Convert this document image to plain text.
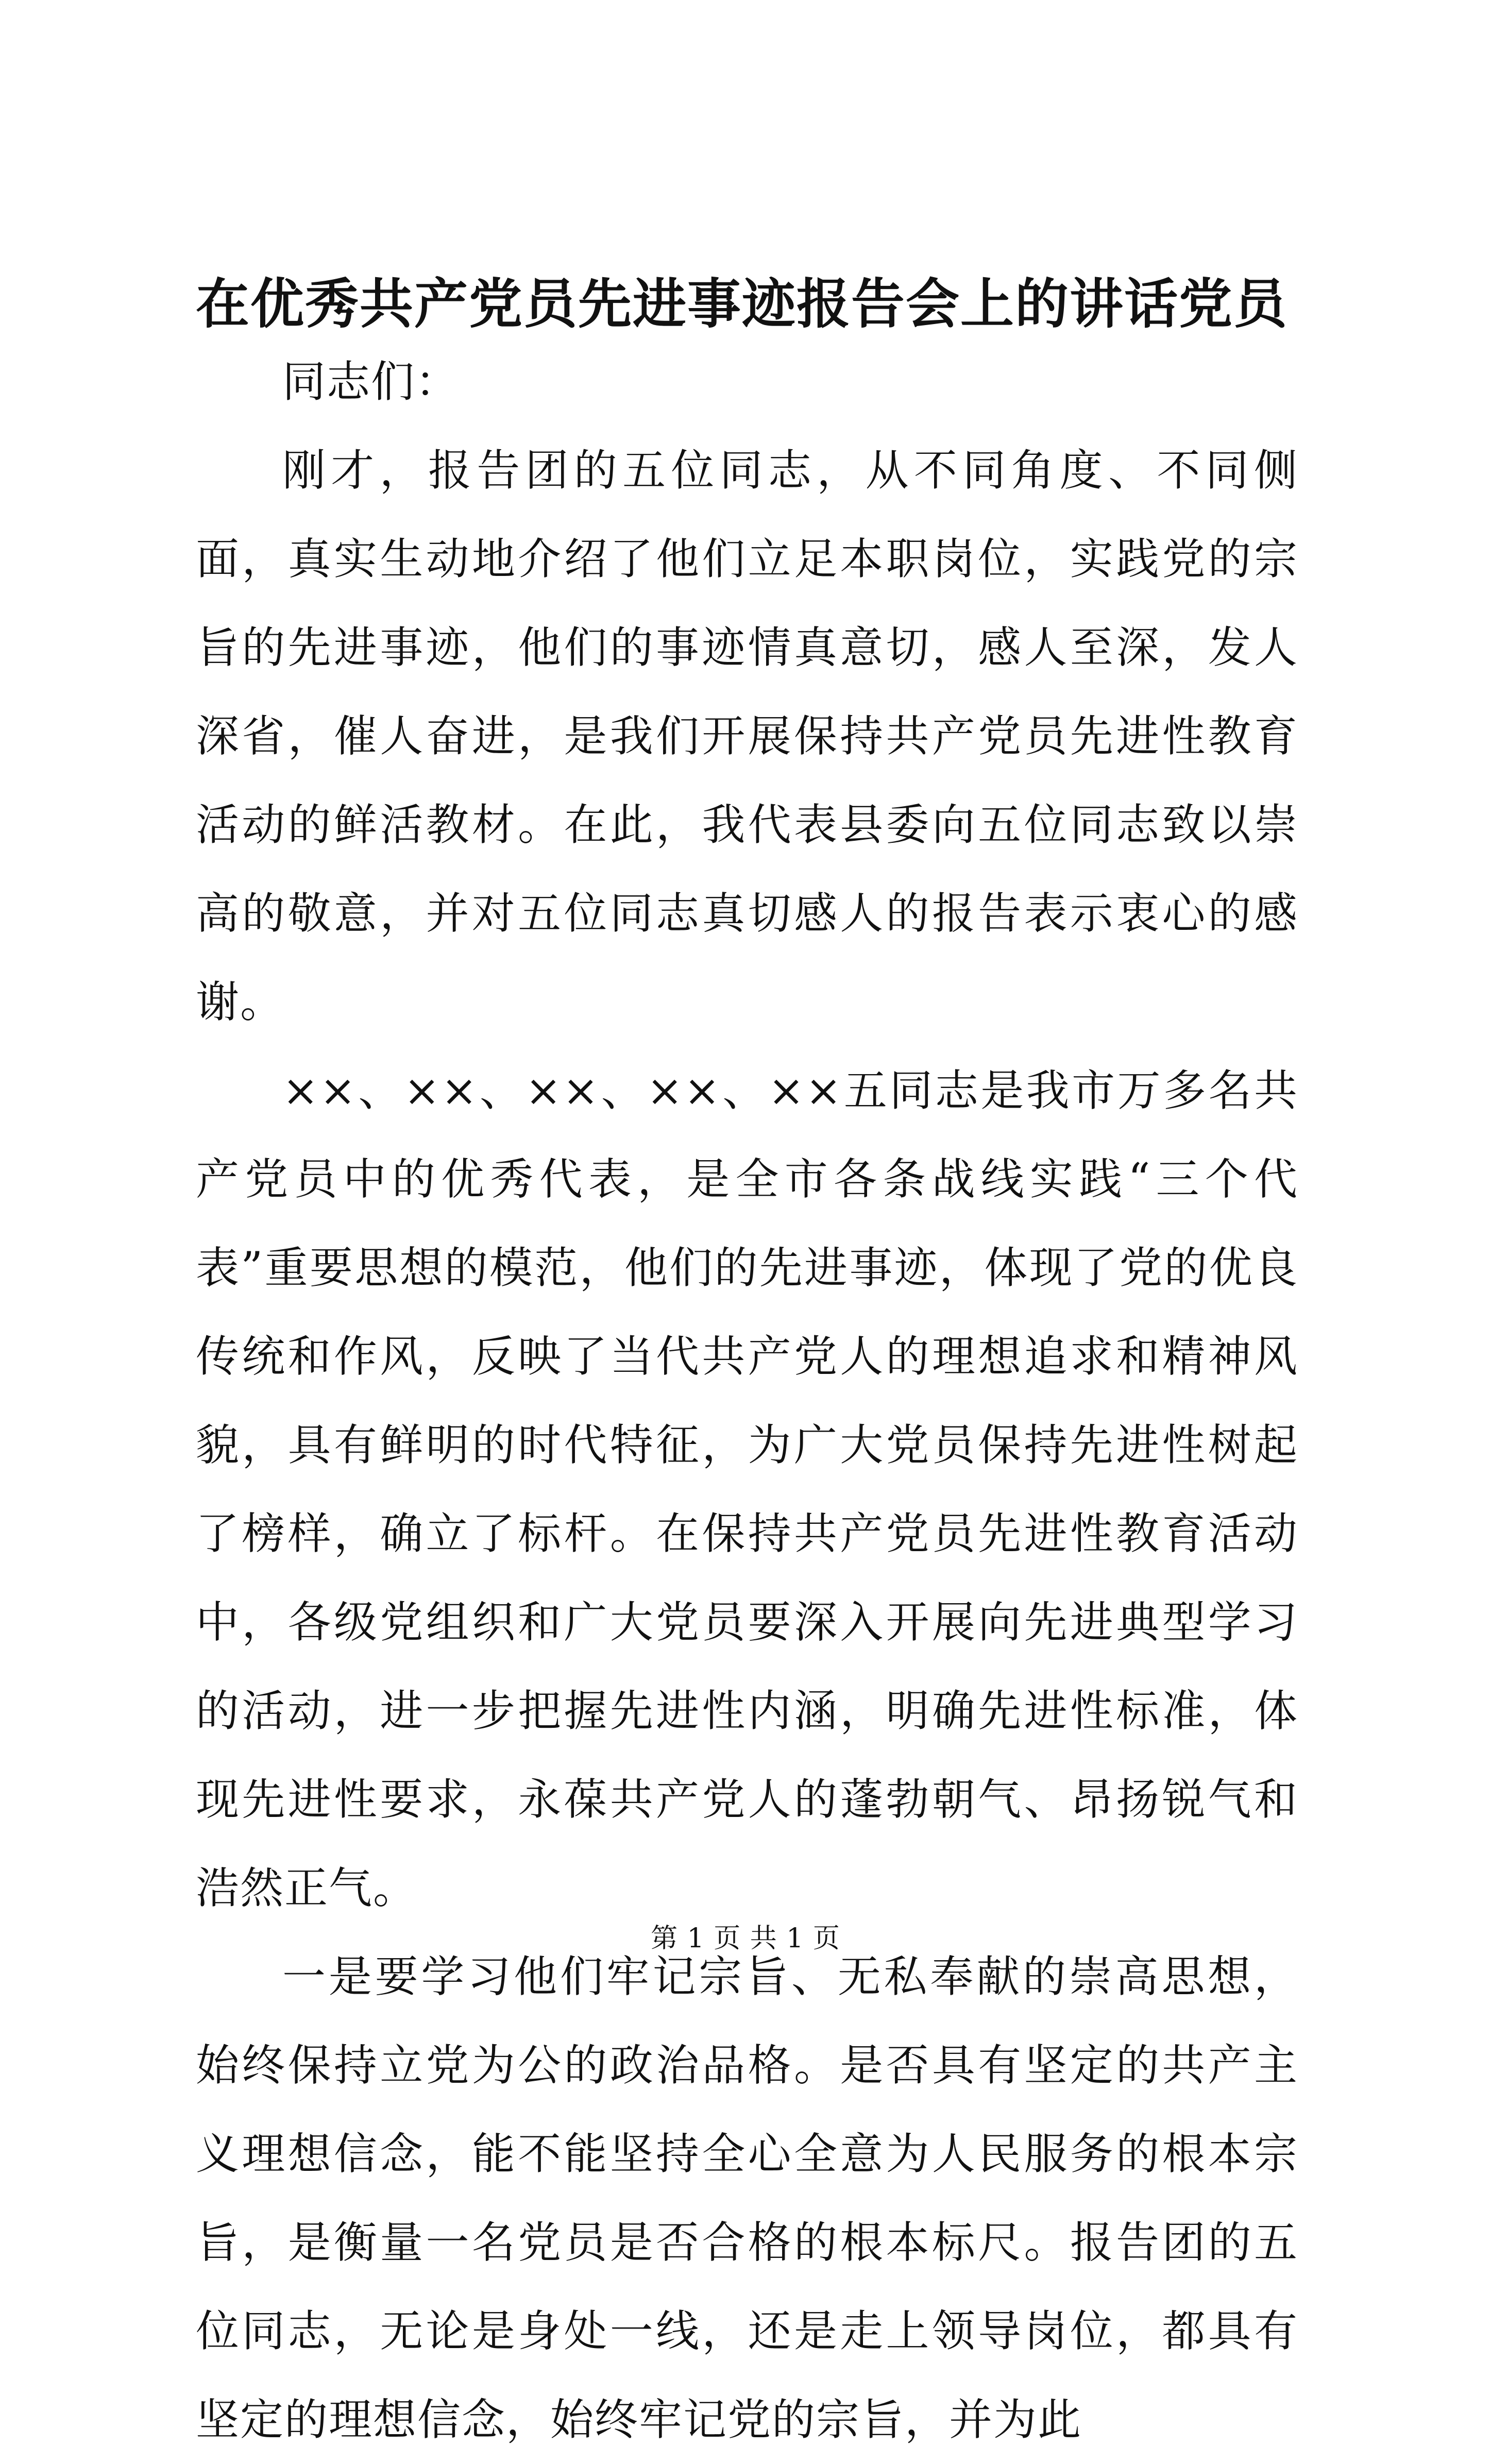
在优秀共产党员先进事迹报告会上的讲话党员

同志们：

刚才，报告团的五位同志，从不同角度、不同侧面，真实生动地介绍了他们立足本职岗位，实践党的宗旨的先进事迹，他们的事迹情真意切，感人至深，发人深省，催人奋进，是我们开展保持共产党员先进性教育活动的鲜活教材。在此，我代表县委向五位同志致以崇高的敬意，并对五位同志真切感人的报告表示衷心的感谢。

××、××、××、××、××五同志是我市万多名共产党员中的优秀代表，是全市各条战线实践“三个代表”重要思想的模范，他们的先进事迹，体现了党的优良传统和作风，反映了当代共产党人的理想追求和精神风貌，具有鲜明的时代特征，为广大党员保持先进性树起了榜样，确立了标杆。在保持共产党员先进性教育活动中，各级党组织和广大党员要深入开展向先进典型学习的活动，进一步把握先进性内涵，明确先进性标准，体现先进性要求，永葆共产党人的蓬勃朝气、昂扬锐气和浩然正气。

一是要学习他们牢记宗旨、无私奉献的崇高思想，始终保持立党为公的政治品格。是否具有坚定的共产主义理想信念，能不能坚持全心全意为人民服务的根本宗旨，是衡量一名党员是否合格的根本标尺。报告团的五位同志，无论是身处一线，还是走上领导岗位，都具有坚定的理想信念，始终牢记党的宗旨，并为此

第 1 页 共 1 页
